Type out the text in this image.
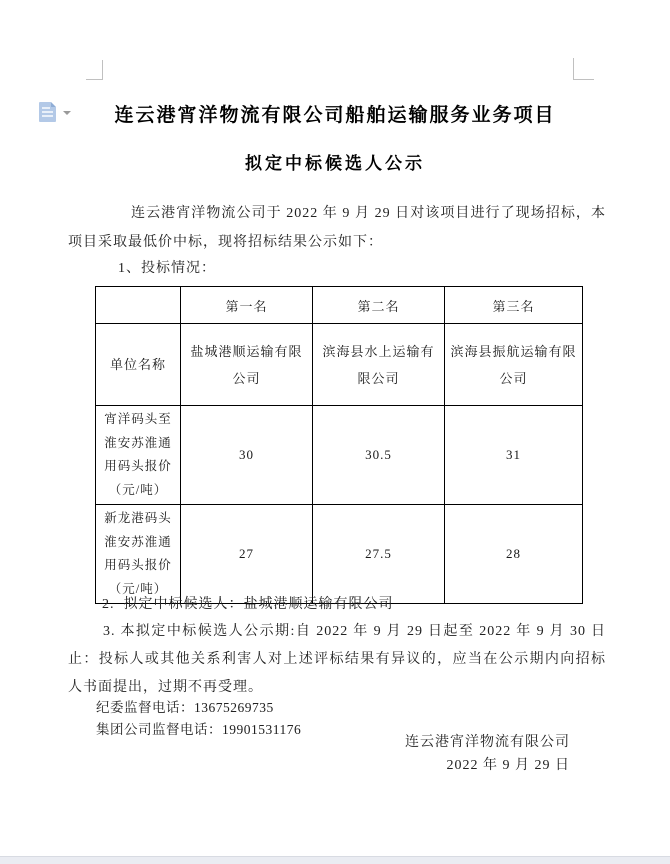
连云港宵洋物流有限公司船舶运输服务业务项目
拟定中标候选人公示
连云港宵洋物流公司于 2022 年 9 月 29 日对该项目进行了现场招标，本项目采取最低价中标，现将招标结果公示如下：
1、投标情况：
	第一名	第二名	第三名
单位名称	盐城港顺运输有限公司	滨海县水上运输有限公司	滨海县振航运输有限公司
宵洋码头至淮安苏淮通用码头报价（元/吨）	30	30.5	31
新龙港码头淮安苏淮通用码头报价（元/吨）	27	27.5	28
2.  拟定中标候选人：盐城港顺运输有限公司
3. 本拟定中标候选人公示期:自 2022 年 9 月 29 日起至 2022 年 9 月 30 日止：投标人或其他关系利害人对上述评标结果有异议的，应当在公示期内向招标人书面提出，过期不再受理。
纪委监督电话：13675269735
集团公司监督电话：19901531176
连云港宵洋物流有限公司
2022 年 9 月 29 日
